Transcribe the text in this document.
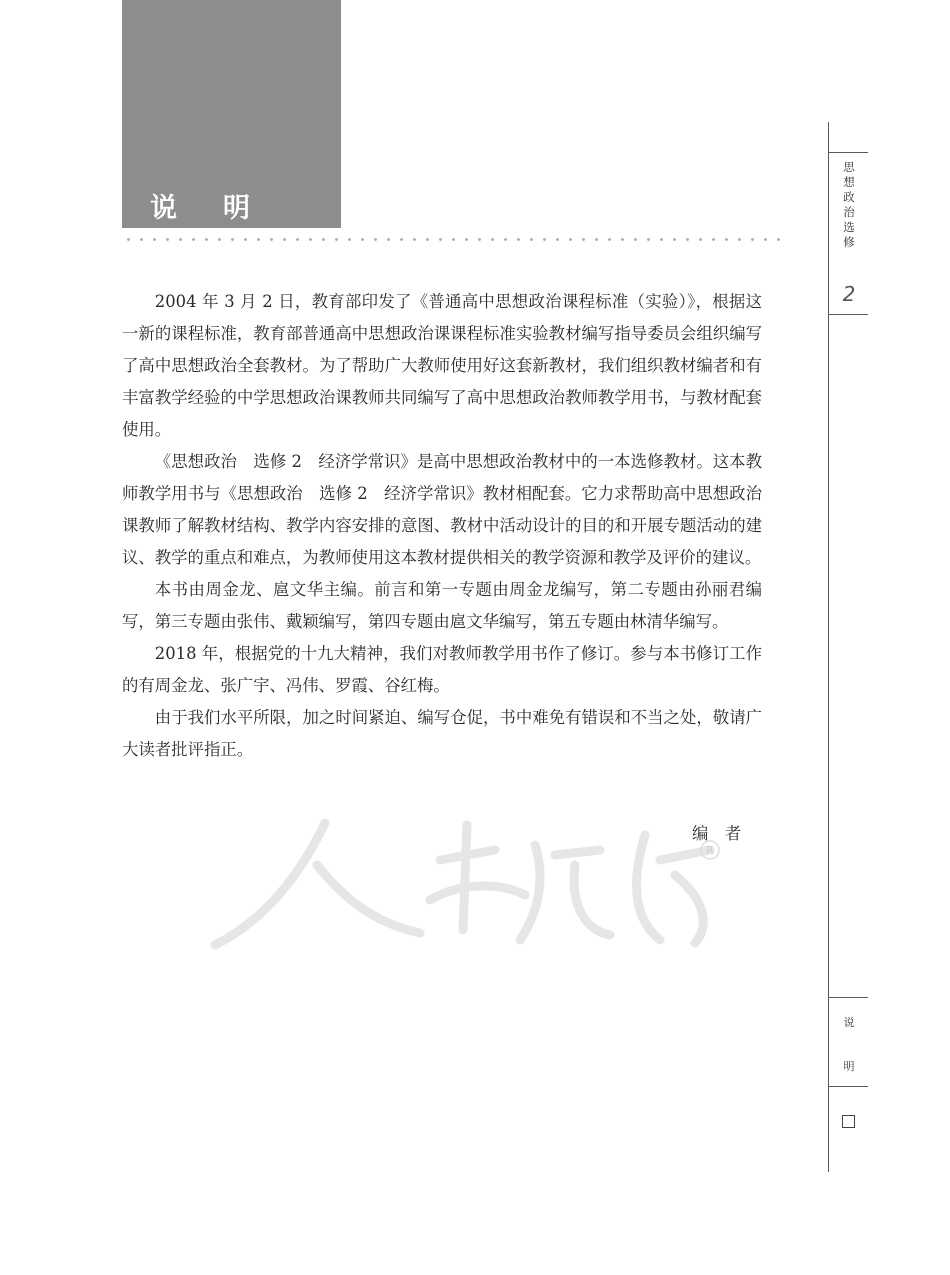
说明
R

2004 年 3 月 2 日，教育部印发了《普通高中思想政治课程标准（实验）》，根据这一新的课程标准，教育部普通高中思想政治课课程标准实验教材编写指导委员会组织编写了高中思想政治全套教材。为了帮助广大教师使用好这套新教材，我们组织教材编者和有丰富教学经验的中学思想政治课教师共同编写了高中思想政治教师教学用书，与教材配套使用。

《思想政治　选修 2　经济学常识》是高中思想政治教材中的一本选修教材。这本教师教学用书与《思想政治　选修 2　经济学常识》教材相配套。它力求帮助高中思想政治课教师了解教材结构、教学内容安排的意图、教材中活动设计的目的和开展专题活动的建议、教学的重点和难点，为教师使用这本教材提供相关的教学资源和教学及评价的建议。

本书由周金龙、扈文华主编。前言和第一专题由周金龙编写，第二专题由孙丽君编写，第三专题由张伟、戴颖编写，第四专题由扈文华编写，第五专题由林清华编写。

2018 年，根据党的十九大精神，我们对教师教学用书作了修订。参与本书修订工作的有周金龙、张广宇、冯伟、罗霞、谷红梅。

由于我们水平所限，加之时间紧迫、编写仓促，书中难免有错误和不当之处，敬请广大读者批评指正。

编　者
思想政治选修
2
说
明
